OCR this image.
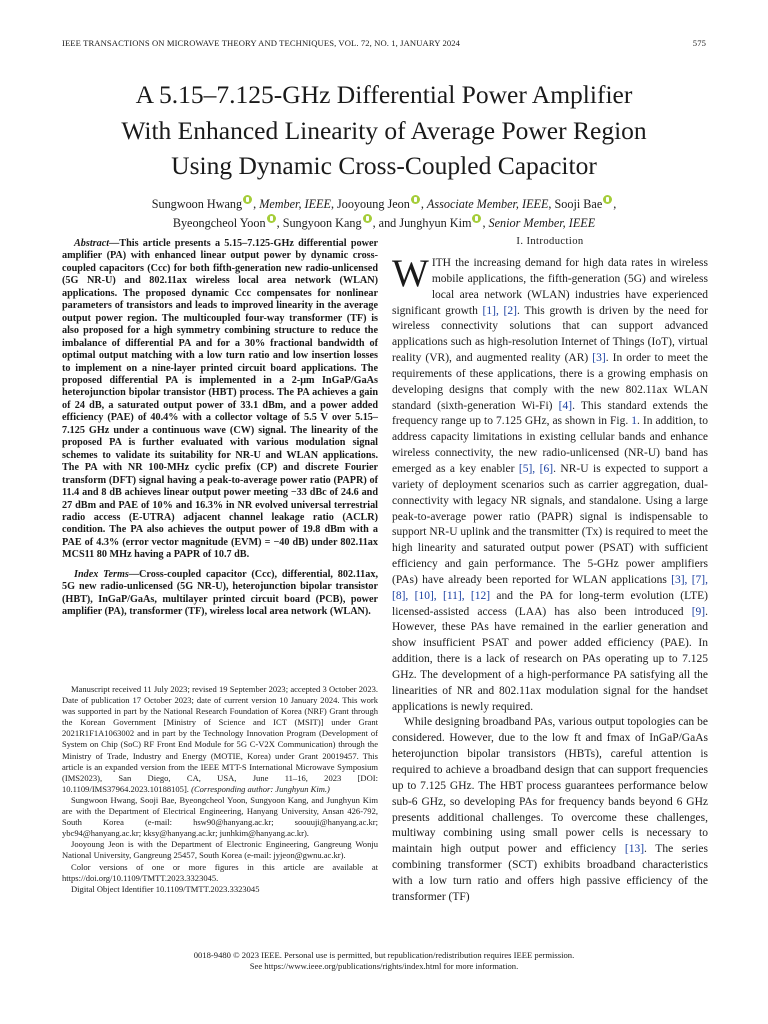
IEEE TRANSACTIONS ON MICROWAVE THEORY AND TECHNIQUES, VOL. 72, NO. 1, JANUARY 2024	575
A 5.15–7.125-GHz Differential Power Amplifier
With Enhanced Linearity of Average Power Region
Using Dynamic Cross-Coupled Capacitor
Sungwoon Hwang , Member, IEEE, Jooyoung Jeon , Associate Member, IEEE, Sooji Bae ,
Byeongcheol Yoon , Sungyoon Kang , and Junghyun Kim , Senior Member, IEEE

Abstract—This article presents a 5.15–7.125-GHz differential power amplifier (PA) with enhanced linear output power by dynamic cross-coupled capacitors (Ccc) for both fifth-generation new radio-unlicensed (5G NR-U) and 802.11ax wireless local area network (WLAN) applications. The proposed dynamic Ccc compensates for nonlinear parameters of transistors and leads to improved linearity in the average output power region. The multicoupled four-way transformer (TF) is also proposed for a high symmetry combining structure to reduce the imbalance of differential PA and for a 30% fractional bandwidth of optimal output matching with a low turn ratio and low insertion losses to implement on a nine-layer printed circuit board applications. The proposed differential PA is implemented in a 2-μm InGaP/GaAs heterojunction bipolar transistor (HBT) process. The PA achieves a gain of 24 dB, a saturated output power of 33.1 dBm, and a power added efficiency (PAE) of 40.4% with a collector voltage of 5.5 V over 5.15–7.125 GHz under a continuous wave (CW) signal. The linearity of the proposed PA is further evaluated with various modulation signal schemes to validate its suitability for NR-U and WLAN applications. The PA with NR 100-MHz cyclic prefix (CP) and discrete Fourier transform (DFT) signal having a peak-to-average power ratio (PAPR) of 11.4 and 8 dB achieves linear output power meeting −33 dBc of 24.6 and 27 dBm and PAE of 10% and 16.3% in NR evolved universal terrestrial radio access (E-UTRA) adjacent channel leakage ratio (ACLR) condition. The PA also achieves the output power of 19.8 dBm with a PAE of 4.3% (error vector magnitude (EVM) = −40 dB) under 802.11ax MCS11 80 MHz having a PAPR of 10.7 dB.

Index Terms—Cross-coupled capacitor (Ccc), differential, 802.11ax, 5G new radio-unlicensed (5G NR-U), heterojunction bipolar transistor (HBT), InGaP/GaAs, multilayer printed circuit board (PCB), power amplifier (PA), transformer (TF), wireless local area network (WLAN).

Manuscript received 11 July 2023; revised 19 September 2023; accepted 3 October 2023. Date of publication 17 October 2023; date of current version 10 January 2024. This work was supported in part by the National Research Foundation of Korea (NRF) Grant through the Korean Government [Ministry of Science and ICT (MSIT)] under Grant 2021R1F1A1063002 and in part by the Technology Innovation Program (Development of System on Chip (SoC) RF Front End Module for 5G C-V2X Communication) through the Ministry of Trade, Industry and Energy (MOTIE, Korea) under Grant 20019457. This article is an expanded version from the IEEE MTT-S International Microwave Symposium (IMS2023), San Diego, CA, USA, June 11–16, 2023 [DOI: 10.1109/IMS37964.2023.10188105]. (Corresponding author: Junghyun Kim.)

Sungwoon Hwang, Sooji Bae, Byeongcheol Yoon, Sungyoon Kang, and Junghyun Kim are with the Department of Electrical Engineering, Hanyang University, Ansan 426-792, South Korea (e-mail: hsw90@hanyang.ac.kr; soouuji@hanyang.ac.kr; ybc94@hanyang.ac.kr; kksy@hanyang.ac.kr; junhkim@hanyang.ac.kr).

Jooyoung Jeon is with the Department of Electronic Engineering, Gangreung Wonju National University, Gangreung 25457, South Korea (e-mail: jyjeon@gwnu.ac.kr).

Color versions of one or more figures in this article are available at https://doi.org/10.1109/TMTT.2023.3323045.

Digital Object Identifier 10.1109/TMTT.2023.3323045

I. Introduction

WITH the increasing demand for high data rates in wireless mobile applications, the fifth-generation (5G) and wireless local area network (WLAN) industries have experienced significant growth [1], [2]. This growth is driven by the need for wireless connectivity solutions that can support advanced applications such as high-resolution Internet of Things (IoT), virtual reality (VR), and augmented reality (AR) [3]. In order to meet the requirements of these applications, there is a growing emphasis on developing designs that comply with the new 802.11ax WLAN standard (sixth-generation Wi-Fi) [4]. This standard extends the frequency range up to 7.125 GHz, as shown in Fig. 1. In addition, to address capacity limitations in existing cellular bands and enhance wireless connectivity, the new radio-unlicensed (NR-U) band has emerged as a key enabler [5], [6]. NR-U is expected to support a variety of deployment scenarios such as carrier aggregation, dual-connectivity with legacy NR signals, and standalone. Using a large peak-to-average power ratio (PAPR) signal is indispensable to support NR-U uplink and the transmitter (Tx) is required to meet the high linearity and saturated output power (PSAT) with sufficient efficiency and gain performance. The 5-GHz power amplifiers (PAs) have already been reported for WLAN applications [3], [7], [8], [10], [11], [12] and the PA for long-term evolution (LTE) licensed-assisted access (LAA) has also been introduced [9]. However, these PAs have remained in the earlier generation and show insufficient PSAT and power added efficiency (PAE). In addition, there is a lack of research on PAs operating up to 7.125 GHz. The development of a high-performance PA satisfying all the linearities of NR and 802.11ax modulation signal for the handset applications is newly required.

While designing broadband PAs, various output topologies can be considered. However, due to the low ft and fmax of InGaP/GaAs heterojunction bipolar transistors (HBTs), careful attention is required to achieve a broadband design that can support frequencies up to 7.125 GHz. The HBT process guarantees performance below sub-6 GHz, so developing PAs for frequency bands beyond 6 GHz presents additional challenges. To overcome these challenges, multiway combining using small power cells is necessary to maintain high output power and efficiency [13]. The series combining transformer (SCT) exhibits broadband characteristics with a low turn ratio and offers high passive efficiency of the transformer (TF)

0018-9480 © 2023 IEEE. Personal use is permitted, but republication/redistribution requires IEEE permission.
See https://www.ieee.org/publications/rights/index.html for more information.
